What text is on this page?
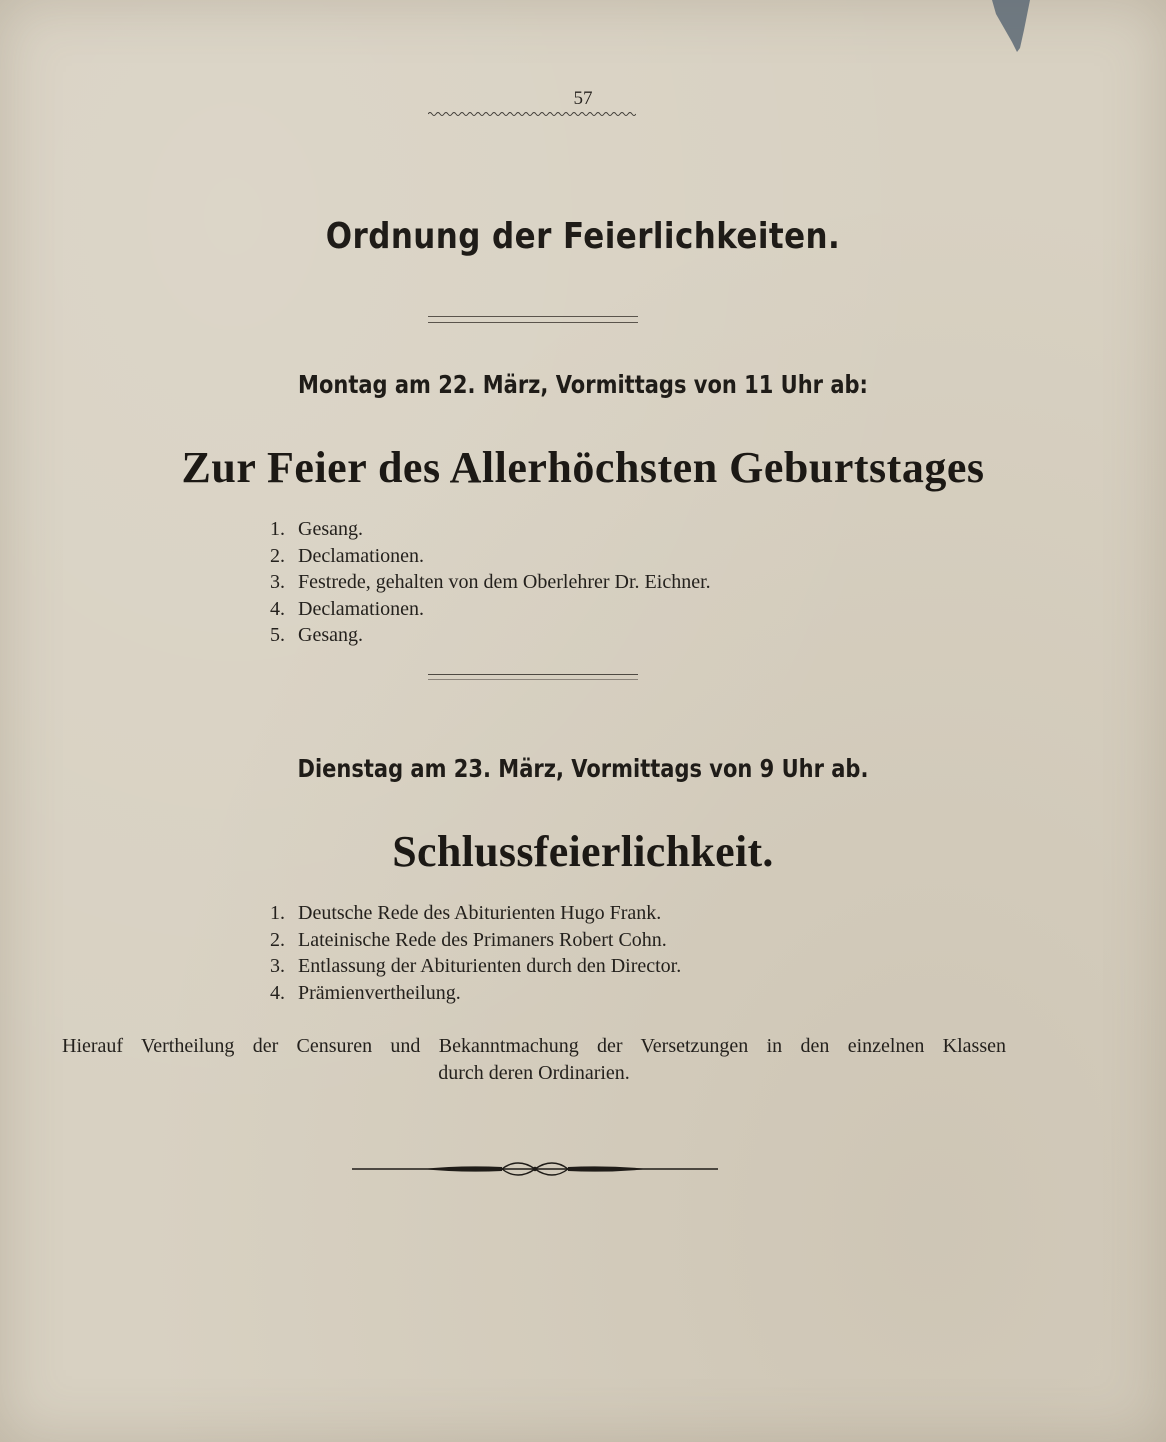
57
Ordnung der Feierlichkeiten.
Montag am 22. März, Vormittags von 11 Uhr ab:
Zur Feier des Allerhöchsten Geburtstages
1. Gesang.
2. Declamationen.
3. Festrede, gehalten von dem Oberlehrer Dr. Eichner.
4. Declamationen.
5. Gesang.
Dienstag am 23. März, Vormittags von 9 Uhr ab.
Schlussfeierlichkeit.
1. Deutsche Rede des Abiturienten Hugo Frank.
2. Lateinische Rede des Primaners Robert Cohn.
3. Entlassung der Abiturienten durch den Director.
4. Prämienvertheilung.
Hierauf Vertheilung der Censuren und Bekanntmachung der Versetzungen in den einzelnen Klassen
durch deren Ordinarien.
